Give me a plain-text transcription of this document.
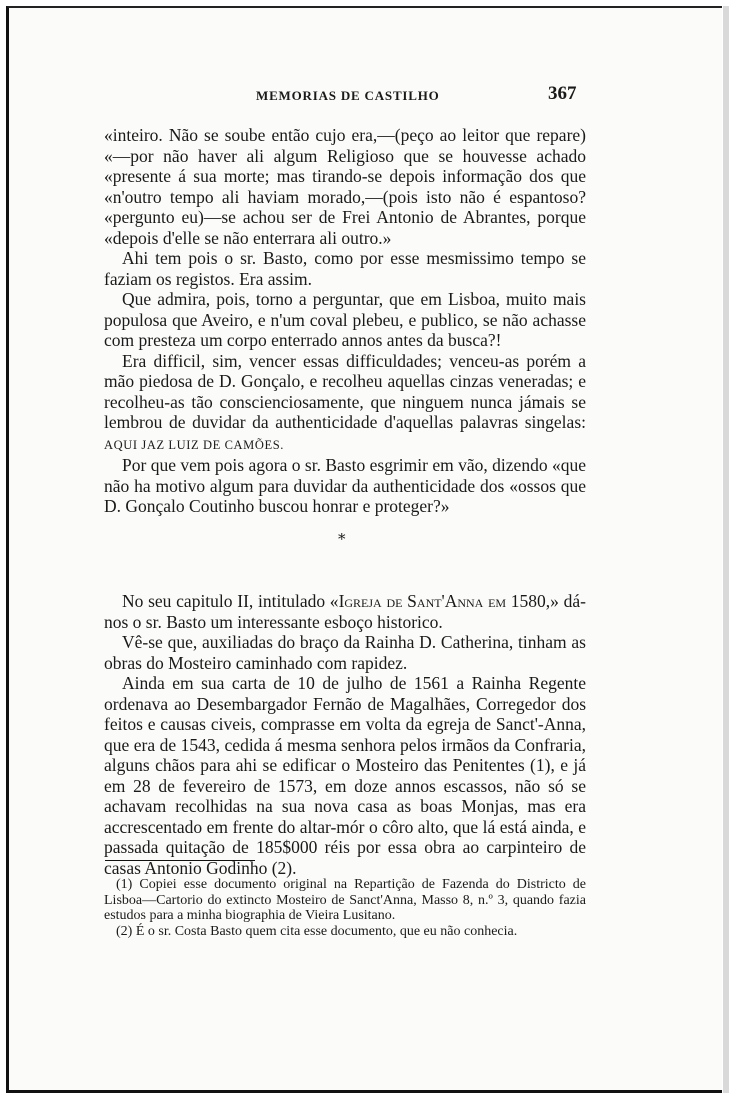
MEMORIAS DE CASTILHO	367

«inteiro. Não se soube então cujo era,—(peço ao leitor que repare) «—por não haver ali algum Religioso que se houvesse achado «presente á sua morte; mas tirando-se depois informação dos que «n'outro tempo ali haviam morado,—(pois isto não é espantoso? «pergunto eu)—se achou ser de Frei Antonio de Abrantes, porque «depois d'elle se não enterrara ali outro.»

Ahi tem pois o sr. Basto, como por esse mesmissimo tempo se faziam os registos. Era assim.

Que admira, pois, torno a perguntar, que em Lisboa, muito mais populosa que Aveiro, e n'um coval plebeu, e publico, se não achasse com presteza um corpo enterrado annos antes da busca?!

Era difficil, sim, vencer essas difficuldades; venceu-as porém a mão piedosa de D. Gonçalo, e recolheu aquellas cinzas veneradas; e recolheu-as tão conscienciosamente, que ninguem nunca jámais se lembrou de duvidar da authenticidade d'aquellas palavras singelas: AQUI JAZ LUIZ DE CAMÕES.

Por que vem pois agora o sr. Basto esgrimir em vão, dizendo «que não ha motivo algum para duvidar da authenticidade dos «ossos que D. Gonçalo Coutinho buscou honrar e proteger?»

*

No seu capitulo II, intitulado «Igreja de Sant'Anna em 1580,» dá-nos o sr. Basto um interessante esboço historico.

Vê-se que, auxiliadas do braço da Rainha D. Catherina, tinham as obras do Mosteiro caminhado com rapidez.

Ainda em sua carta de 10 de julho de 1561 a Rainha Regente ordenava ao Desembargador Fernão de Magalhães, Corregedor dos feitos e causas civeis, comprasse em volta da egreja de Sanct'-Anna, que era de 1543, cedida á mesma senhora pelos irmãos da Confraria, alguns chãos para ahi se edificar o Mosteiro das Penitentes (1), e já em 28 de fevereiro de 1573, em doze annos escassos, não só se achavam recolhidas na sua nova casa as boas Monjas, mas era accrescentado em frente do altar-mór o côro alto, que lá está ainda, e passada quitação de 185$000 réis por essa obra ao carpinteiro de casas Antonio Godinho (2).

(1) Copiei esse documento original na Repartição de Fazenda do Districto de Lisboa—Cartorio do extincto Mosteiro de Sanct'Anna, Masso 8, n.º 3, quando fazia estudos para a minha biographia de Vieira Lusitano.

(2) É o sr. Costa Basto quem cita esse documento, que eu não conhecia.
